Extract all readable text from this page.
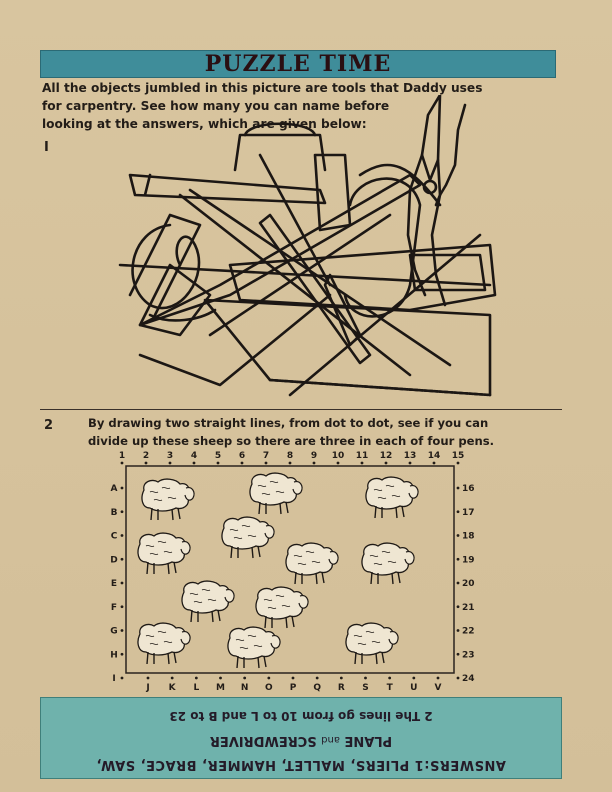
PUZZLE TIME
All the objects jumbled in this picture are tools that Daddy uses
for carpentry. See how many you can name before
looking at the answers, which are given below:
I
2	By drawing two straight lines, from dot to dot, see if you can
divide up these sheep so there are three in each of four pens.
1 2 3 4 5 6 7 8 9 10 11 12 13 14 15
A
B
C
D
E
F
G
H
I
16
17
18
19
20
21
22
23
24
J K L M N O P Q R S T U V
ANSWERS:1 PLIERS, MALLET, HAMMER, BRACE, SAW,
PLANE and SCREWDRIVER
2 The lines go from 10 to L and B to 23
